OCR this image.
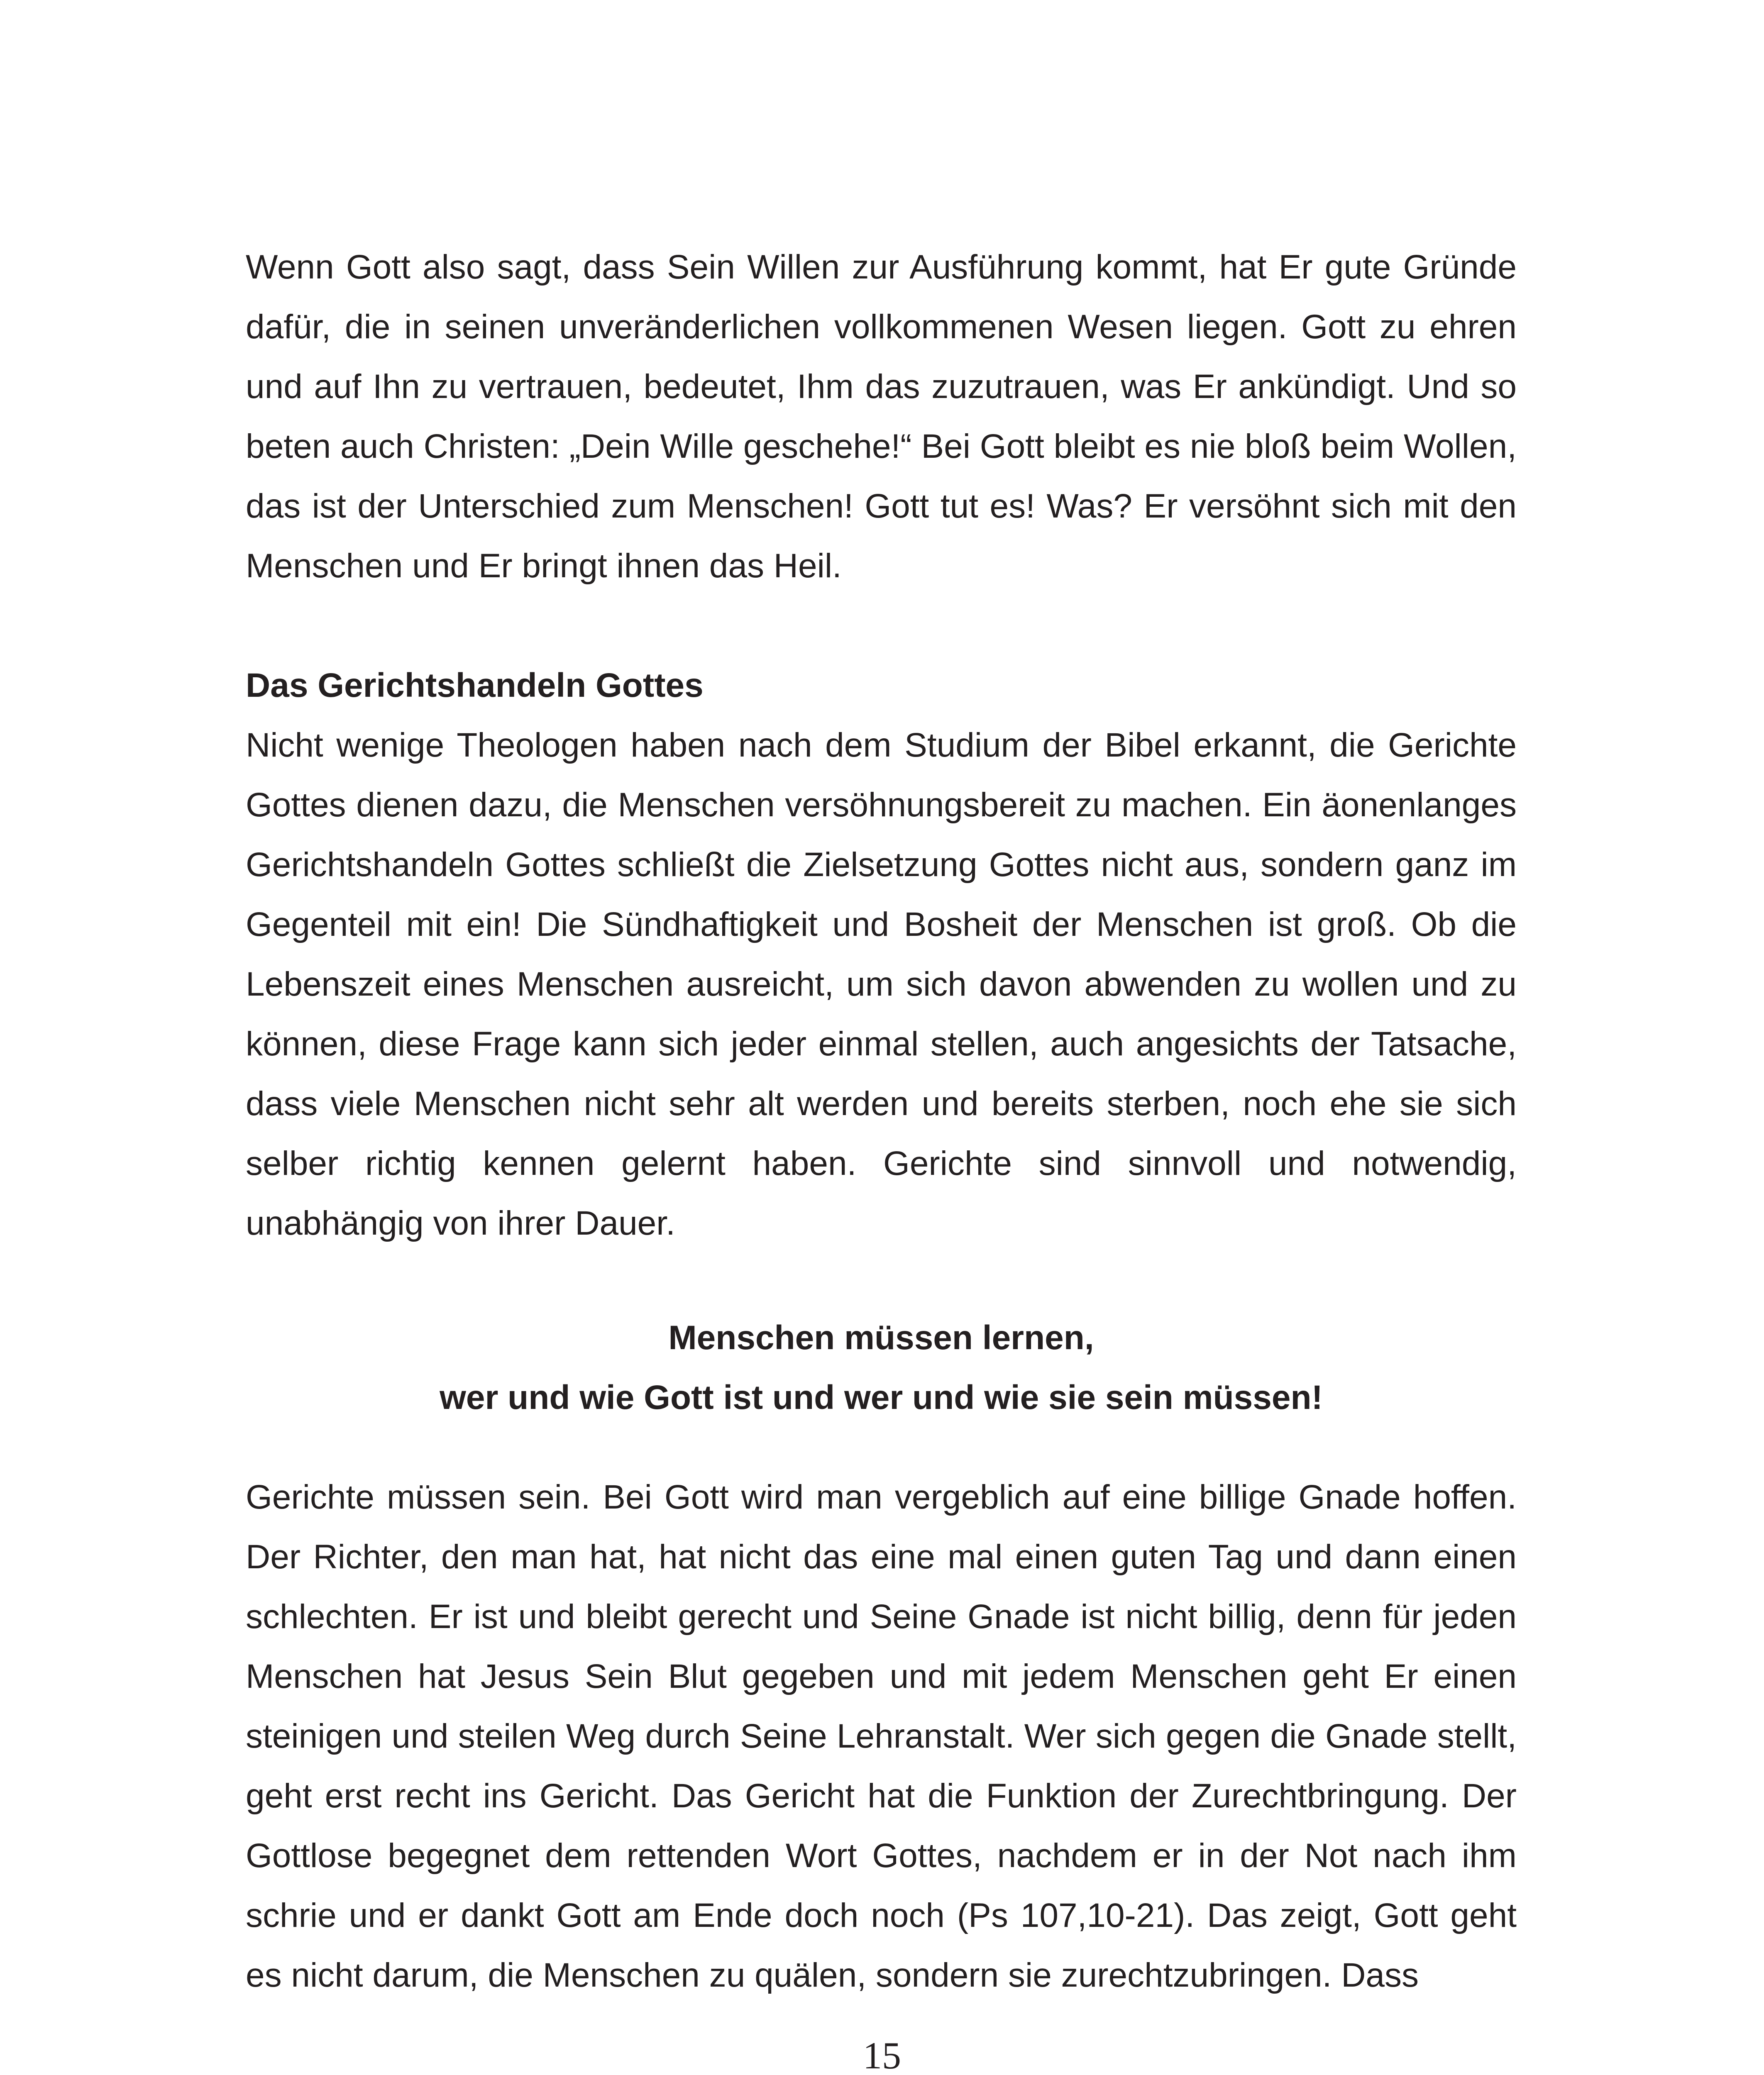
Wenn Gott also sagt, dass Sein Willen zur Ausführung kommt, hat Er gute Gründe dafür, die in seinen unveränderlichen vollkommenen Wesen liegen. Gott zu ehren und auf Ihn zu vertrauen, bedeutet, Ihm das zuzutrauen, was Er ankündigt. Und so beten auch Christen: „Dein Wille geschehe!“ Bei Gott bleibt es nie bloß beim Wollen, das ist der Unterschied zum Menschen! Gott tut es! Was? Er versöhnt sich mit den Menschen und Er bringt ihnen das Heil.

Das Gerichtshandeln Gottes

Nicht wenige Theologen haben nach dem Studium der Bibel erkannt, die Gerichte Gottes dienen dazu, die Menschen versöhnungsbereit zu machen. Ein äonenlanges Gerichtshandeln Gottes schließt die Zielsetzung Gottes nicht aus, sondern ganz im Gegenteil mit ein! Die Sündhaftigkeit und Bosheit der Menschen ist groß. Ob die Lebenszeit eines Menschen ausreicht, um sich davon abwenden zu wollen und zu können, diese Frage kann sich jeder einmal stellen, auch angesichts der Tatsache, dass viele Menschen nicht sehr alt werden und bereits sterben, noch ehe sie sich selber richtig kennen gelernt haben. Gerichte sind sinnvoll und notwendig, unabhängig von ihrer Dauer.

Menschen müssen lernen,
wer und wie Gott ist und wer und wie sie sein müssen!

Gerichte müssen sein. Bei Gott wird man vergeblich auf eine billige Gnade hoffen. Der Richter, den man hat, hat nicht das eine mal einen guten Tag und dann einen schlechten. Er ist und bleibt gerecht und Seine Gnade ist nicht billig, denn für jeden Menschen hat Jesus Sein Blut gegeben und mit jedem Menschen geht Er einen steinigen und steilen Weg durch Seine Lehranstalt. Wer sich gegen die Gnade stellt, geht erst recht ins Gericht. Das Gericht hat die Funktion der Zurechtbringung. Der Gottlose begegnet dem rettenden Wort Gottes, nachdem er in der Not nach ihm schrie und er dankt Gott am Ende doch noch (Ps 107,10-21). Das zeigt, Gott geht es nicht darum, die Menschen zu quälen, sondern sie zurechtzubringen. Dass

15
